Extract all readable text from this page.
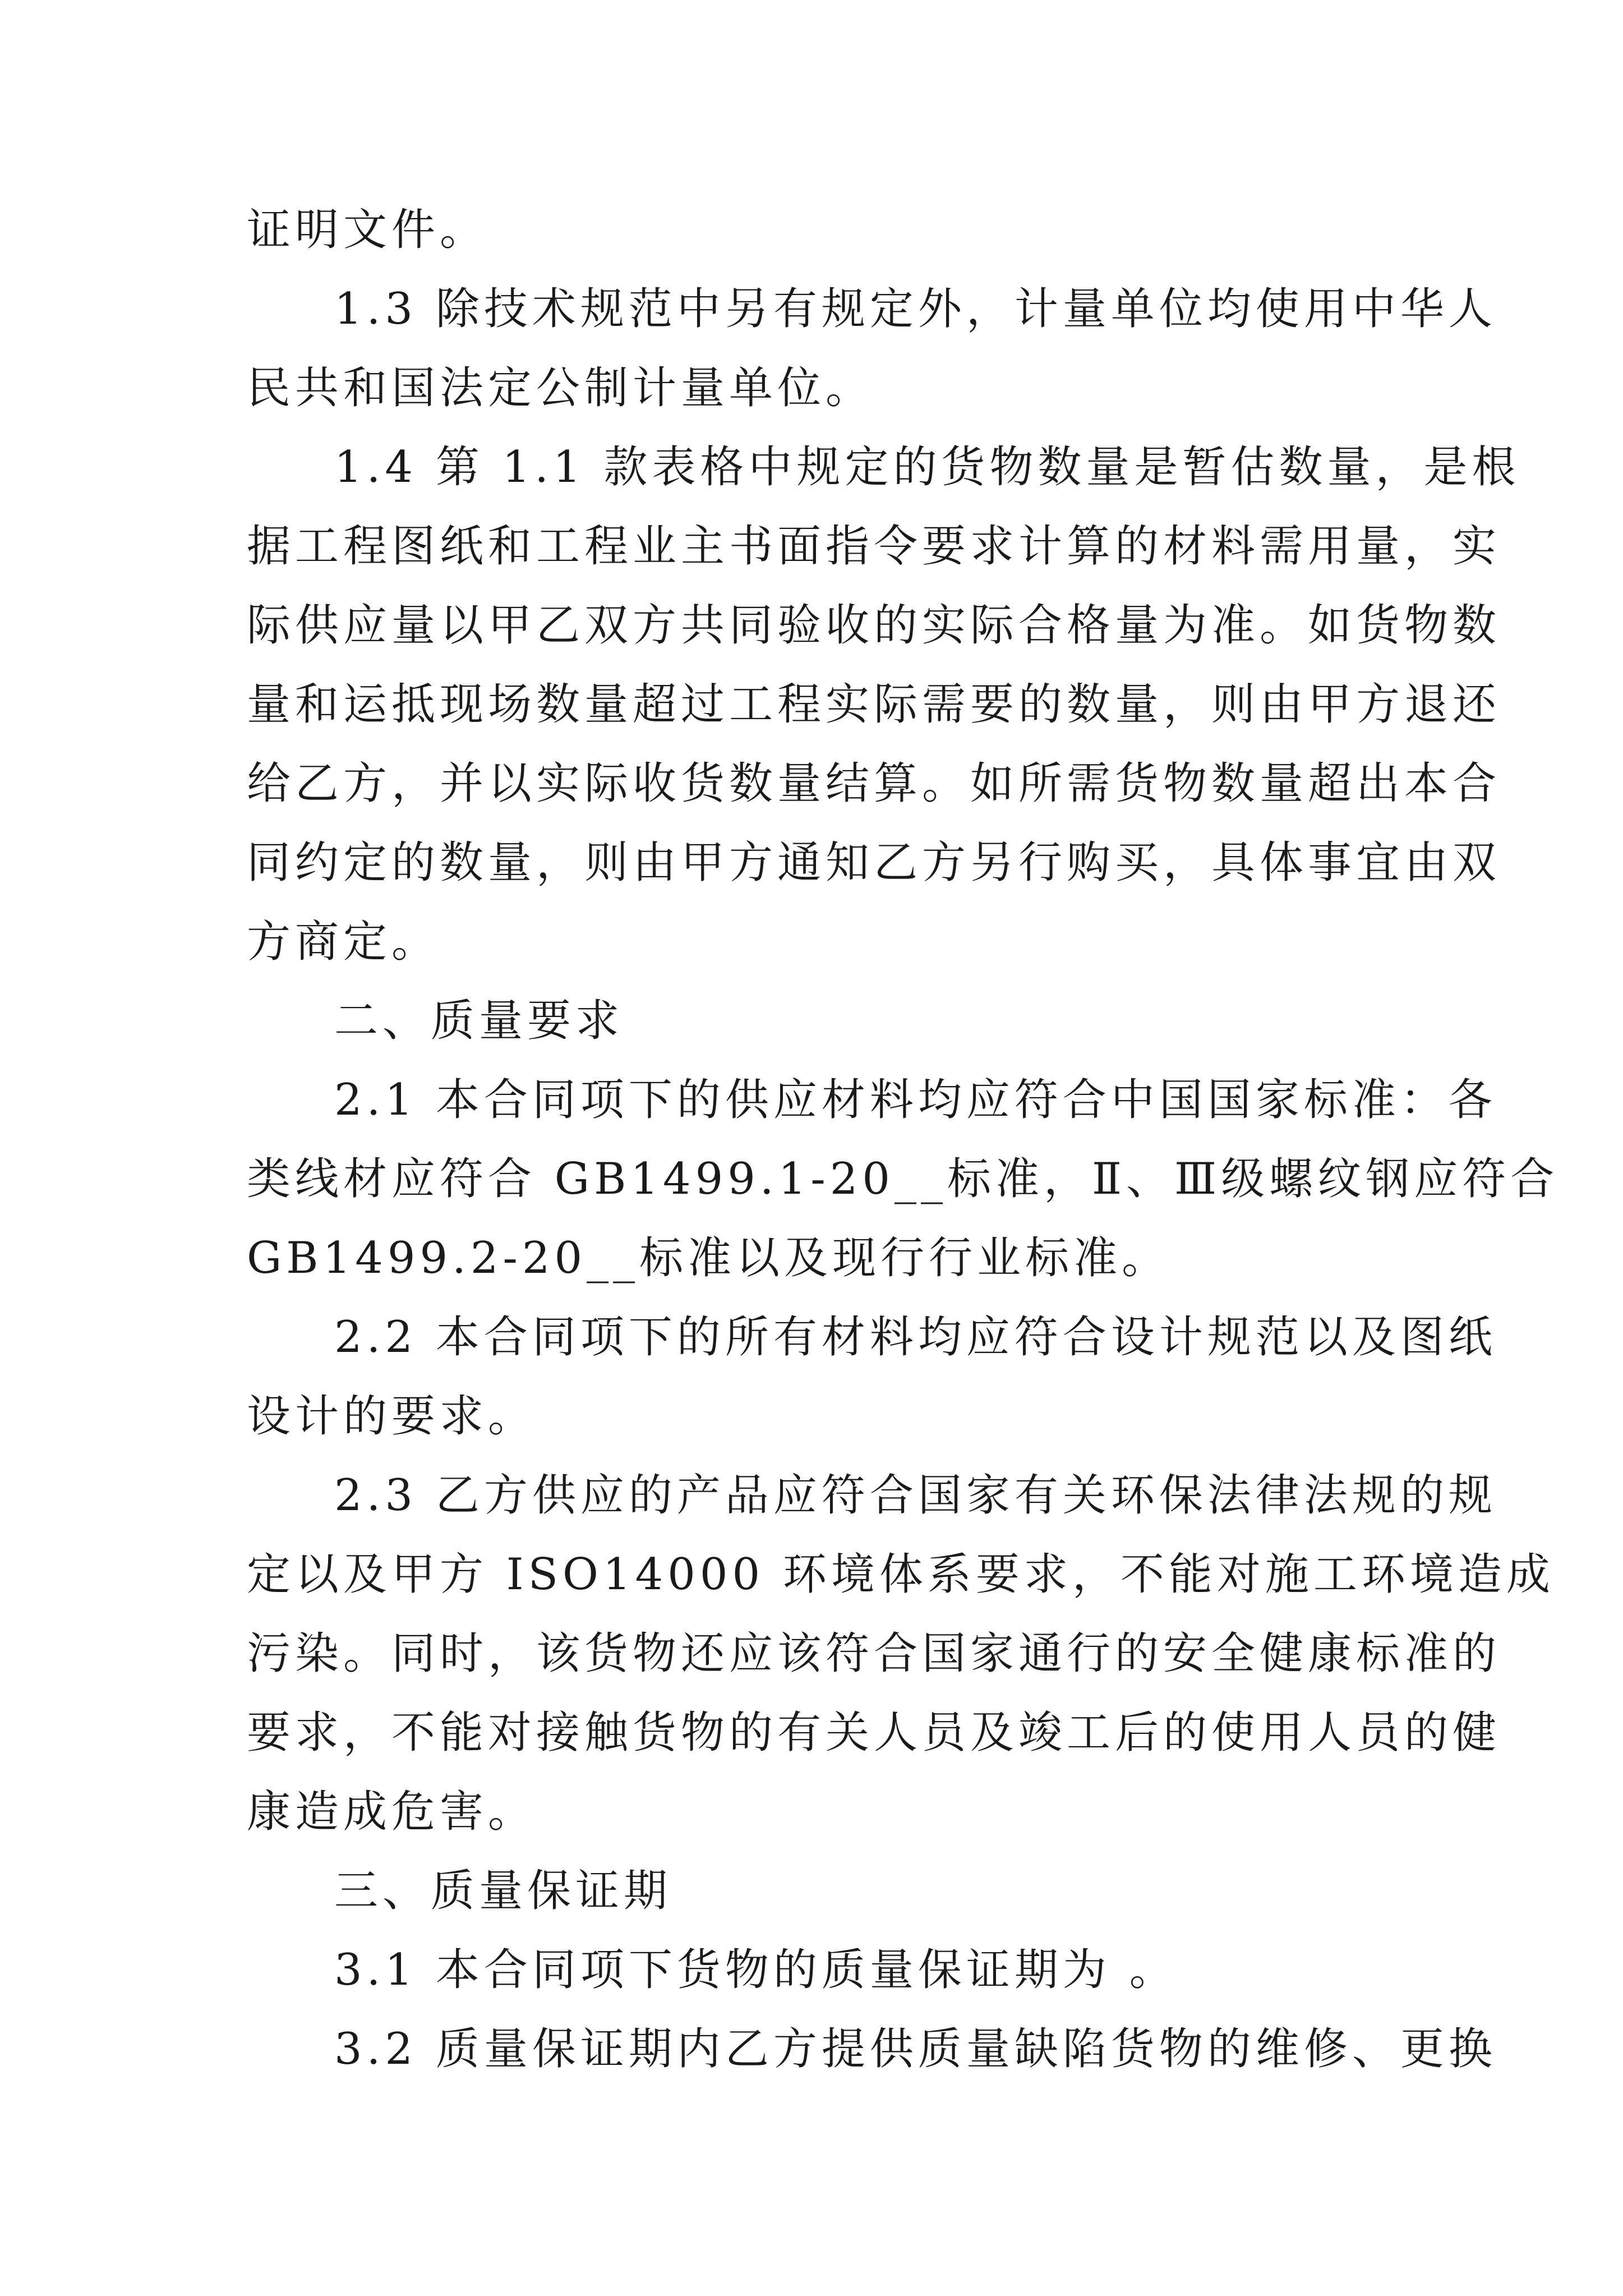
证明文件。
1.3 除技术规范中另有规定外，计量单位均使用中华人
民共和国法定公制计量单位。
1.4 第 1.1 款表格中规定的货物数量是暂估数量，是根
据工程图纸和工程业主书面指令要求计算的材料需用量，实
际供应量以甲乙双方共同验收的实际合格量为准。如货物数
量和运抵现场数量超过工程实际需要的数量，则由甲方退还
给乙方，并以实际收货数量结算。如所需货物数量超出本合
同约定的数量，则由甲方通知乙方另行购买，具体事宜由双
方商定。
二、质量要求
2.1 本合同项下的供应材料均应符合中国国家标准：各
类线材应符合 GB1499.1-20__标准，Ⅱ、Ⅲ级螺纹钢应符合
GB1499.2-20__标准以及现行行业标准。
2.2 本合同项下的所有材料均应符合设计规范以及图纸
设计的要求。
2.3 乙方供应的产品应符合国家有关环保法律法规的规
定以及甲方 ISO14000 环境体系要求，不能对施工环境造成
污染。同时，该货物还应该符合国家通行的安全健康标准的
要求，不能对接触货物的有关人员及竣工后的使用人员的健
康造成危害。
三、质量保证期
3.1 本合同项下货物的质量保证期为 。
3.2 质量保证期内乙方提供质量缺陷货物的维修、更换
